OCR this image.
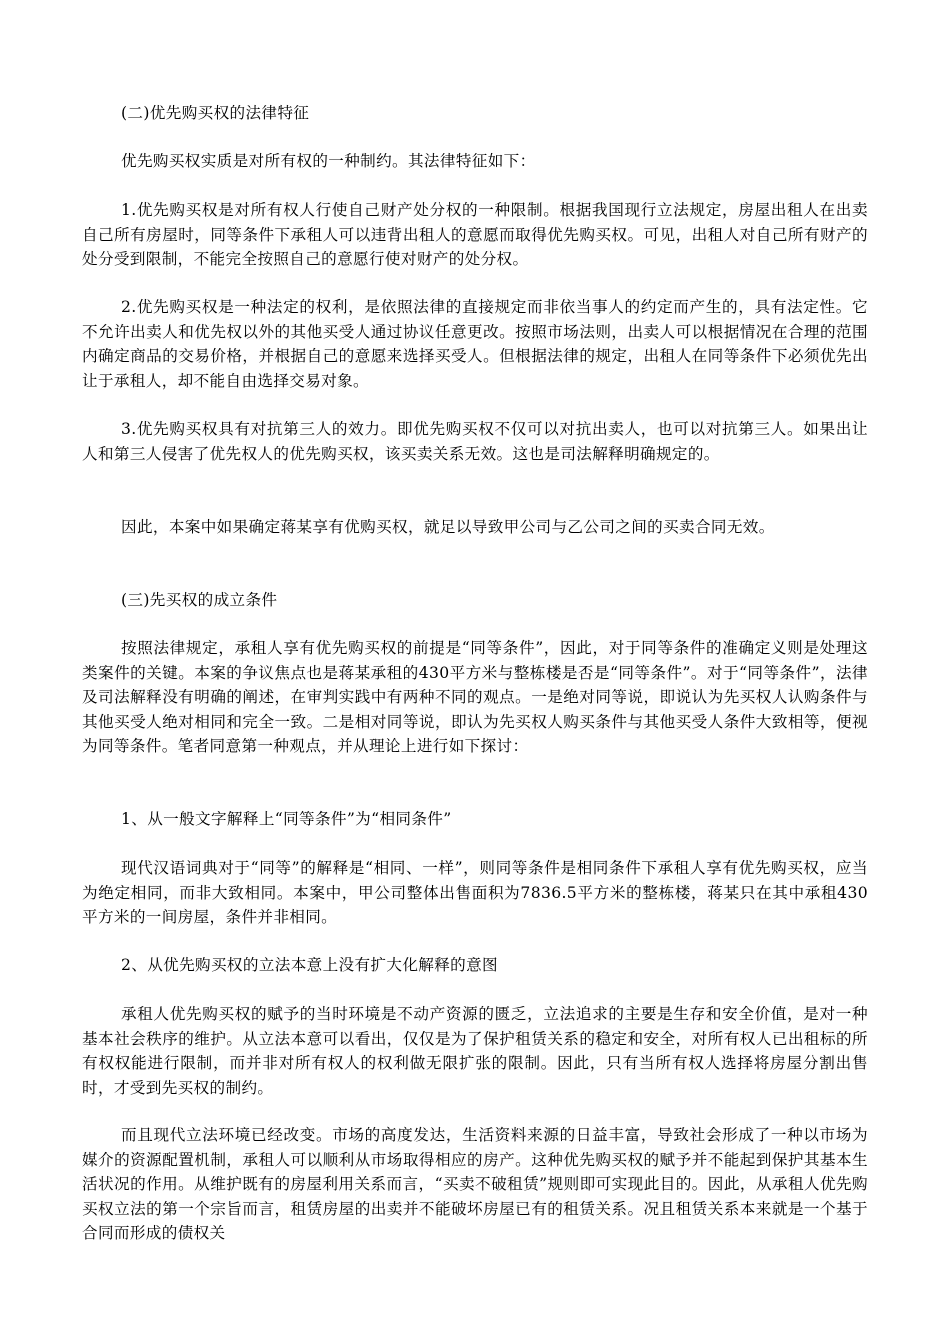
(二)优先购买权的法律特征

优先购买权实质是对所有权的一种制约。其法律特征如下：

1.优先购买权是对所有权人行使自己财产处分权的一种限制。根据我国现行立法规定，房屋出租人在出卖自己所有房屋时，同等条件下承租人可以违背出租人的意愿而取得优先购买权。可见，出租人对自己所有财产的处分受到限制，不能完全按照自己的意愿行使对财产的处分权。

2.优先购买权是一种法定的权利，是依照法律的直接规定而非依当事人的约定而产生的，具有法定性。它不允许出卖人和优先权以外的其他买受人通过协议任意更改。按照市场法则，出卖人可以根据情况在合理的范围内确定商品的交易价格，并根据自己的意愿来选择买受人。但根据法律的规定，出租人在同等条件下必须优先出让于承租人，却不能自由选择交易对象。

3.优先购买权具有对抗第三人的效力。即优先购买权不仅可以对抗出卖人，也可以对抗第三人。如果出让人和第三人侵害了优先权人的优先购买权，该买卖关系无效。这也是司法解释明确规定的。

因此，本案中如果确定蒋某享有优购买权，就足以导致甲公司与乙公司之间的买卖合同无效。

(三)先买权的成立条件

按照法律规定，承租人享有优先购买权的前提是“同等条件”，因此，对于同等条件的准确定义则是处理这类案件的关键。本案的争议焦点也是蒋某承租的430平方米与整栋楼是否是“同等条件”。对于“同等条件”，法律及司法解释没有明确的阐述，在审判实践中有两种不同的观点。一是绝对同等说，即说认为先买权人认购条件与其他买受人绝对相同和完全一致。二是相对同等说，即认为先买权人购买条件与其他买受人条件大致相等，便视为同等条件。笔者同意第一种观点，并从理论上进行如下探讨：

1、从一般文字解释上“同等条件”为“相同条件”

现代汉语词典对于“同等”的解释是“相同、一样”，则同等条件是相同条件下承租人享有优先购买权，应当为绝定相同，而非大致相同。本案中，甲公司整体出售面积为7836.5平方米的整栋楼，蒋某只在其中承租430平方米的一间房屋，条件并非相同。

2、从优先购买权的立法本意上没有扩大化解释的意图

承租人优先购买权的赋予的当时环境是不动产资源的匮乏，立法追求的主要是生存和安全价值，是对一种基本社会秩序的维护。从立法本意可以看出，仅仅是为了保护租赁关系的稳定和安全，对所有权人已出租标的所有权权能进行限制，而并非对所有权人的权利做无限扩张的限制。因此，只有当所有权人选择将房屋分割出售时，才受到先买权的制约。

而且现代立法环境已经改变。市场的高度发达，生活资料来源的日益丰富，导致社会形成了一种以市场为媒介的资源配置机制，承租人可以顺利从市场取得相应的房产。这种优先购买权的赋予并不能起到保护其基本生活状况的作用。从维护既有的房屋利用关系而言，“买卖不破租赁”规则即可实现此目的。因此，从承租人优先购买权立法的第一个宗旨而言，租赁房屋的出卖并不能破坏房屋已有的租赁关系。况且租赁关系本来就是一个基于合同而形成的债权关
